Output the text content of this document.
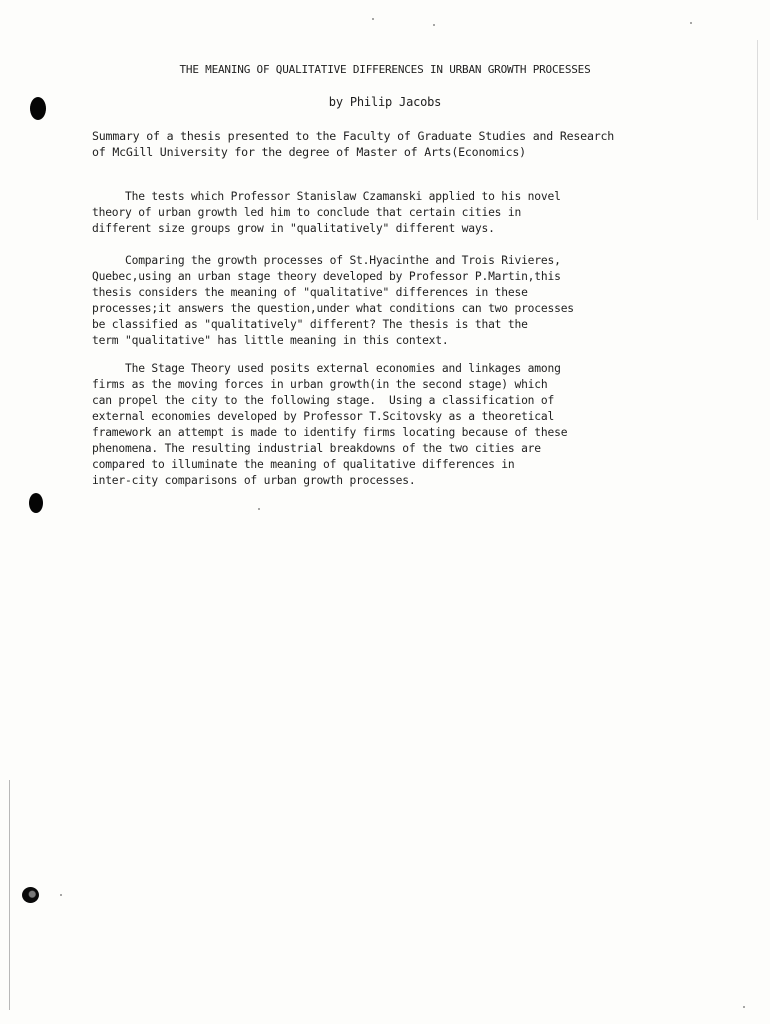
THE MEANING OF QUALITATIVE DIFFERENCES IN URBAN GROWTH PROCESSES
by Philip Jacobs
Summary of a thesis presented to the Faculty of Graduate Studies and Research
of McGill University for the degree of Master of Arts(Economics)
The tests which Professor Stanislaw Czamanski applied to his novel
theory of urban growth led him to conclude that certain cities in
different size groups grow in "qualitatively" different ways.
Comparing the growth processes of St.Hyacinthe and Trois Rivieres,
Quebec,using an urban stage theory developed by Professor P.Martin,this
thesis considers the meaning of "qualitative" differences in these
processes;it answers the question,under what conditions can two processes
be classified as "qualitatively" different? The thesis is that the
term "qualitative" has little meaning in this context.
The Stage Theory used posits external economies and linkages among
firms as the moving forces in urban growth(in the second stage) which
can propel the city to the following stage.  Using a classification of
external economies developed by Professor T.Scitovsky as a theoretical
framework an attempt is made to identify firms locating because of these
phenomena. The resulting industrial breakdowns of the two cities are
compared to illuminate the meaning of qualitative differences in
inter-city comparisons of urban growth processes.
